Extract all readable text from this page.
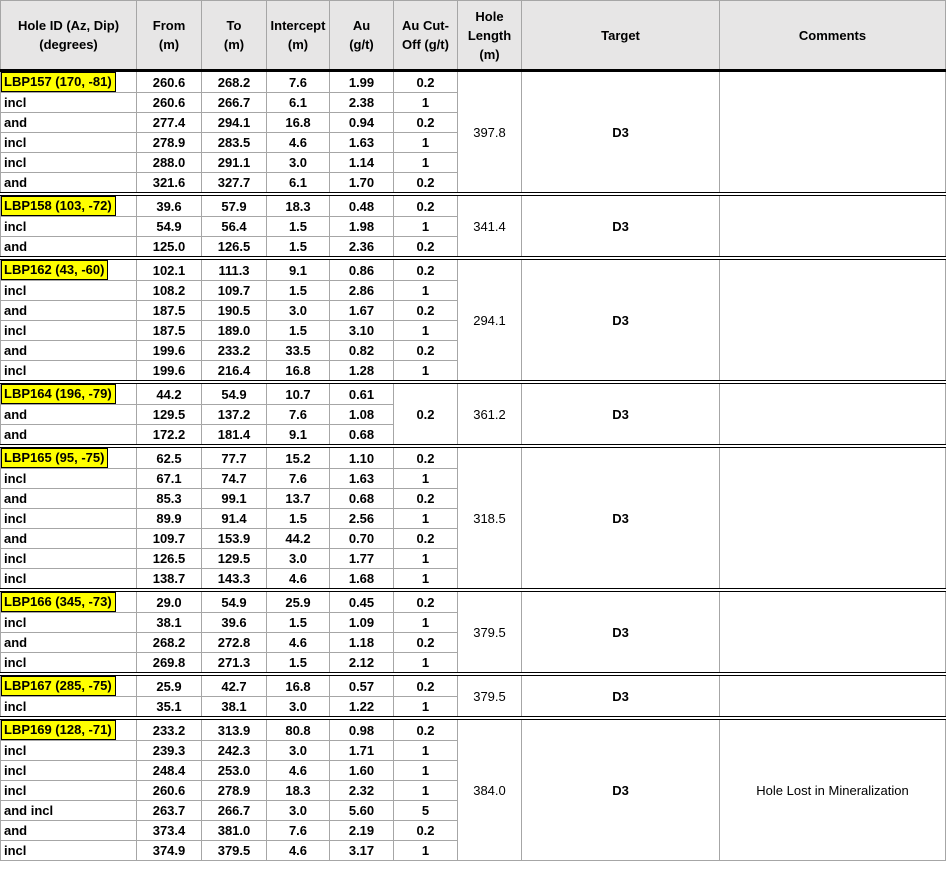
Hole ID (Az, Dip) (degrees)	From (m)	To (m)	Intercept (m)	Au (g/t)	Au Cut-Off (g/t)	Hole Length (m)	Target	Comments
LBP157 (170, -81)	260.6	268.2	7.6	1.99	0.2	397.8	D3	
incl	260.6	266.7	6.1	2.38	1			
and	277.4	294.1	16.8	0.94	0.2			
incl	278.9	283.5	4.6	1.63	1			
incl	288.0	291.1	3.0	1.14	1			
and	321.6	327.7	6.1	1.70	0.2			
LBP158 (103, -72)	39.6	57.9	18.3	0.48	0.2	341.4	D3	
incl	54.9	56.4	1.5	1.98	1			
and	125.0	126.5	1.5	2.36	0.2			
LBP162 (43, -60)	102.1	111.3	9.1	0.86	0.2	294.1	D3	
incl	108.2	109.7	1.5	2.86	1			
and	187.5	190.5	3.0	1.67	0.2			
incl	187.5	189.0	1.5	3.10	1			
and	199.6	233.2	33.5	0.82	0.2			
incl	199.6	216.4	16.8	1.28	1			
LBP164 (196, -79)	44.2	54.9	10.7	0.61	0.2	361.2	D3	
and	129.5	137.2	7.6	1.08				
and	172.2	181.4	9.1	0.68				
LBP165 (95, -75)	62.5	77.7	15.2	1.10	0.2	318.5	D3	
incl	67.1	74.7	7.6	1.63	1			
and	85.3	99.1	13.7	0.68	0.2			
incl	89.9	91.4	1.5	2.56	1			
and	109.7	153.9	44.2	0.70	0.2			
incl	126.5	129.5	3.0	1.77	1			
incl	138.7	143.3	4.6	1.68	1			
LBP166 (345, -73)	29.0	54.9	25.9	0.45	0.2	379.5	D3	
incl	38.1	39.6	1.5	1.09	1			
and	268.2	272.8	4.6	1.18	0.2			
incl	269.8	271.3	1.5	2.12	1			
LBP167 (285, -75)	25.9	42.7	16.8	0.57	0.2	379.5	D3	
incl	35.1	38.1	3.0	1.22	1			
LBP169 (128, -71)	233.2	313.9	80.8	0.98	0.2	384.0	D3	Hole Lost in Mineralization
incl	239.3	242.3	3.0	1.71	1			
incl	248.4	253.0	4.6	1.60	1			
incl	260.6	278.9	18.3	2.32	1			
and incl	263.7	266.7	3.0	5.60	5			
and	373.4	381.0	7.6	2.19	0.2			
incl	374.9	379.5	4.6	3.17	1			
